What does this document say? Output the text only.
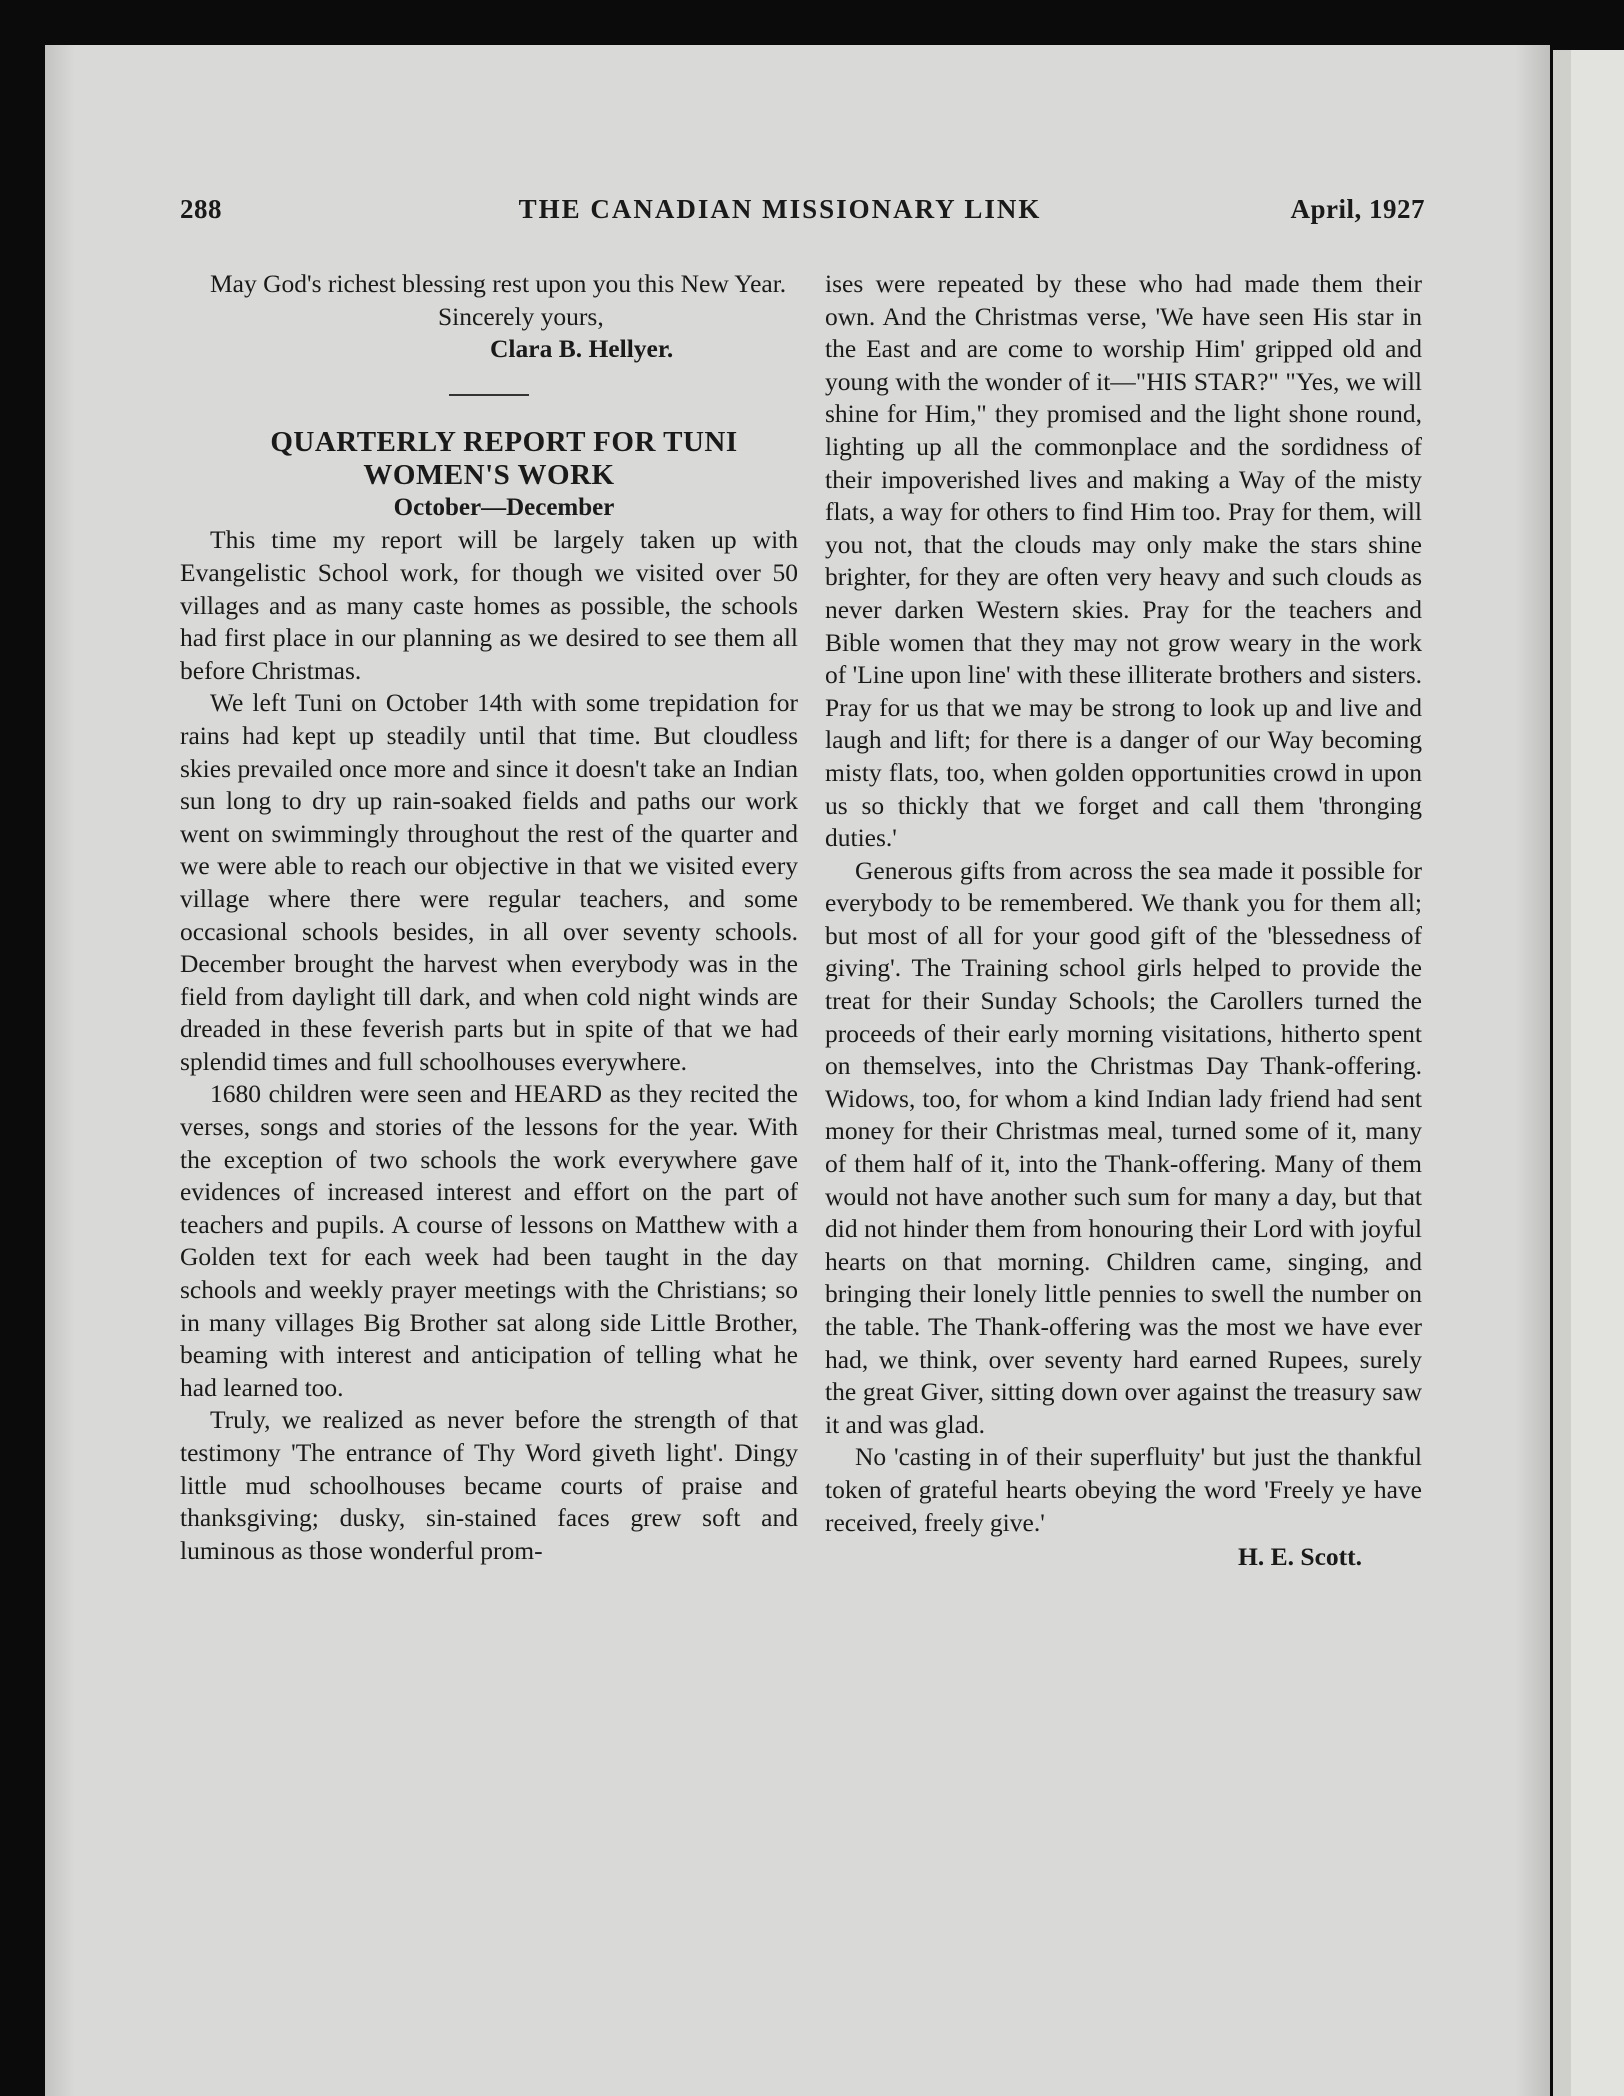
288	THE CANADIAN MISSIONARY LINK	April, 1927

May God's richest blessing rest upon you this New Year.

Sincerely yours,
Clara B. Hellyer.

QUARTERLY REPORT FOR TUNI WOMEN'S WORK

October—December

This time my report will be largely taken up with Evangelistic School work, for though we visited over 50 villages and as many caste homes as possible, the schools had first place in our planning as we desired to see them all before Christmas.

We left Tuni on October 14th with some trepidation for rains had kept up steadily until that time. But cloudless skies prevailed once more and since it doesn't take an Indian sun long to dry up rain-soaked fields and paths our work went on swimmingly throughout the rest of the quarter and we were able to reach our objective in that we visited every village where there were regular teachers, and some occasional schools besides, in all over seventy schools. December brought the harvest when everybody was in the field from daylight till dark, and when cold night winds are dreaded in these feverish parts but in spite of that we had splendid times and full schoolhouses everywhere.

1680 children were seen and HEARD as they recited the verses, songs and stories of the lessons for the year. With the exception of two schools the work everywhere gave evidences of increased interest and effort on the part of teachers and pupils. A course of lessons on Matthew with a Golden text for each week had been taught in the day schools and weekly prayer meetings with the Christians; so in many villages Big Brother sat along side Little Brother, beaming with interest and anticipation of telling what he had learned too.

Truly, we realized as never before the strength of that testimony 'The entrance of Thy Word giveth light'. Dingy little mud schoolhouses became courts of praise and thanksgiving; dusky, sin-stained faces grew soft and luminous as those wonderful prom-

ises were repeated by these who had made them their own. And the Christmas verse, 'We have seen His star in the East and are come to worship Him' gripped old and young with the wonder of it—"HIS STAR?" "Yes, we will shine for Him," they promised and the light shone round, lighting up all the commonplace and the sordidness of their impoverished lives and making a Way of the misty flats, a way for others to find Him too. Pray for them, will you not, that the clouds may only make the stars shine brighter, for they are often very heavy and such clouds as never darken Western skies. Pray for the teachers and Bible women that they may not grow weary in the work of 'Line upon line' with these illiterate brothers and sisters. Pray for us that we may be strong to look up and live and laugh and lift; for there is a danger of our Way becoming misty flats, too, when golden opportunities crowd in upon us so thickly that we forget and call them 'thronging duties.'

Generous gifts from across the sea made it possible for everybody to be remembered. We thank you for them all; but most of all for your good gift of the 'blessedness of giving'. The Training school girls helped to provide the treat for their Sunday Schools; the Carollers turned the proceeds of their early morning visitations, hitherto spent on themselves, into the Christmas Day Thank-offering. Widows, too, for whom a kind Indian lady friend had sent money for their Christmas meal, turned some of it, many of them half of it, into the Thank-offering. Many of them would not have another such sum for many a day, but that did not hinder them from honouring their Lord with joyful hearts on that morning. Children came, singing, and bringing their lonely little pennies to swell the number on the table. The Thank-offering was the most we have ever had, we think, over seventy hard earned Rupees, surely the great Giver, sitting down over against the treasury saw it and was glad.

No 'casting in of their superfluity' but just the thankful token of grateful hearts obeying the word 'Freely ye have received, freely give.'

H. E. Scott.
